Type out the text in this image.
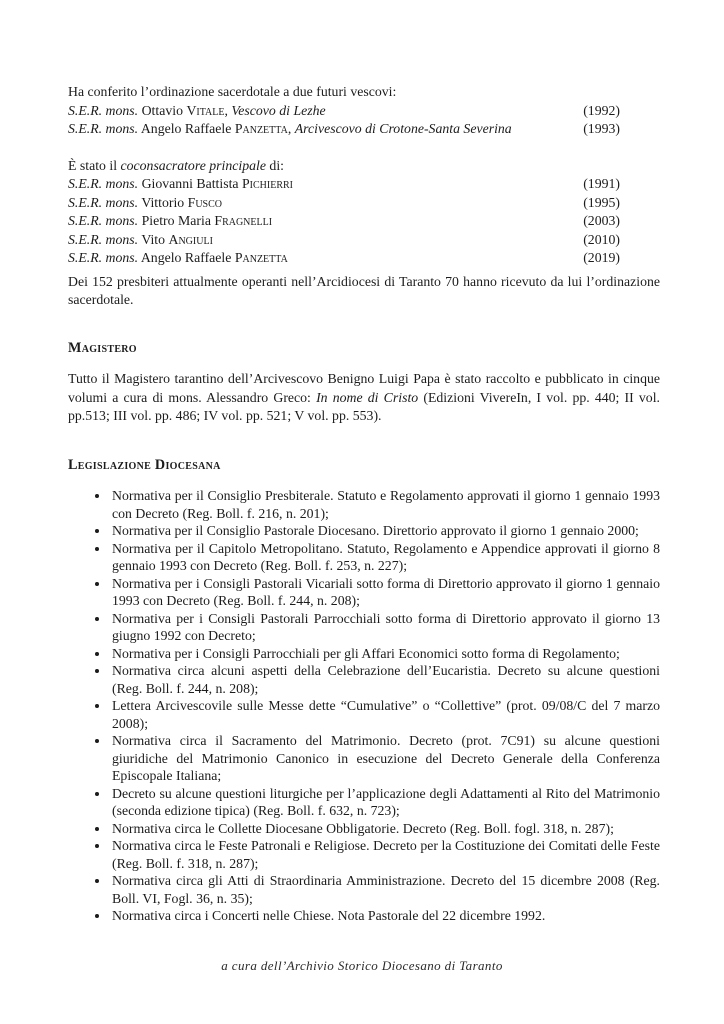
Ha conferito l’ordinazione sacerdotale a due futuri vescovi:

S.E.R. mons. Ottavio Vitale, Vescovo di Lezhe	(1992)
S.E.R. mons. Angelo Raffaele Panzetta, Arcivescovo di Crotone-Santa Severina	(1993)

È stato il coconsacratore principale di:

S.E.R. mons. Giovanni Battista Pichierri	(1991)
S.E.R. mons. Vittorio Fusco	(1995)
S.E.R. mons. Pietro Maria Fragnelli	(2003)
S.E.R. mons. Vito Angiuli	(2010)
S.E.R. mons. Angelo Raffaele Panzetta	(2019)

Dei 152 presbiteri attualmente operanti nell’Arcidiocesi di Taranto 70 hanno ricevuto da lui l’ordinazione sacerdotale.

Magistero

Tutto il Magistero tarantino dell’Arcivescovo Benigno Luigi Papa è stato raccolto e pubblicato in cinque volumi a cura di mons. Alessandro Greco: In nome di Cristo (Edizioni VivereIn, I vol. pp. 440; II vol. pp.513; III vol. pp. 486; IV vol. pp. 521; V vol. pp. 553).

Legislazione Diocesana
• Normativa per il Consiglio Presbiterale. Statuto e Regolamento approvati il giorno 1 gennaio 1993 con Decreto (Reg. Boll. f. 216, n. 201);
• Normativa per il Consiglio Pastorale Diocesano. Direttorio approvato il giorno 1 gennaio 2000;
• Normativa per il Capitolo Metropolitano. Statuto, Regolamento e Appendice approvati il giorno 8 gennaio 1993 con Decreto (Reg. Boll. f. 253, n. 227);
• Normativa per i Consigli Pastorali Vicariali sotto forma di Direttorio approvato il giorno 1 gennaio 1993 con Decreto (Reg. Boll. f. 244, n. 208);
• Normativa per i Consigli Pastorali Parrocchiali sotto forma di Direttorio approvato il giorno 13 giugno 1992 con Decreto;
• Normativa per i Consigli Parrocchiali per gli Affari Economici sotto forma di Regolamento;
• Normativa circa alcuni aspetti della Celebrazione dell’Eucaristia. Decreto su alcune questioni (Reg. Boll. f. 244, n. 208);
• Lettera Arcivescovile sulle Messe dette “Cumulative” o “Collettive” (prot. 09/08/C del 7 marzo 2008);
• Normativa circa il Sacramento del Matrimonio. Decreto (prot. 7C91) su alcune questioni giuridiche del Matrimonio Canonico in esecuzione del Decreto Generale della Conferenza Episcopale Italiana;
• Decreto su alcune questioni liturgiche per l’applicazione degli Adattamenti al Rito del Matrimonio (seconda edizione tipica) (Reg. Boll. f. 632, n. 723);
• Normativa circa le Collette Diocesane Obbligatorie. Decreto (Reg. Boll. fogl. 318, n. 287);
• Normativa circa le Feste Patronali e Religiose. Decreto per la Costituzione dei Comitati delle Feste (Reg. Boll. f. 318, n. 287);
• Normativa circa gli Atti di Straordinaria Amministrazione. Decreto del 15 dicembre 2008 (Reg. Boll. VI, Fogl. 36, n. 35);
• Normativa circa i Concerti nelle Chiese. Nota Pastorale del 22 dicembre 1992.
a cura dell’Archivio Storico Diocesano di Taranto
